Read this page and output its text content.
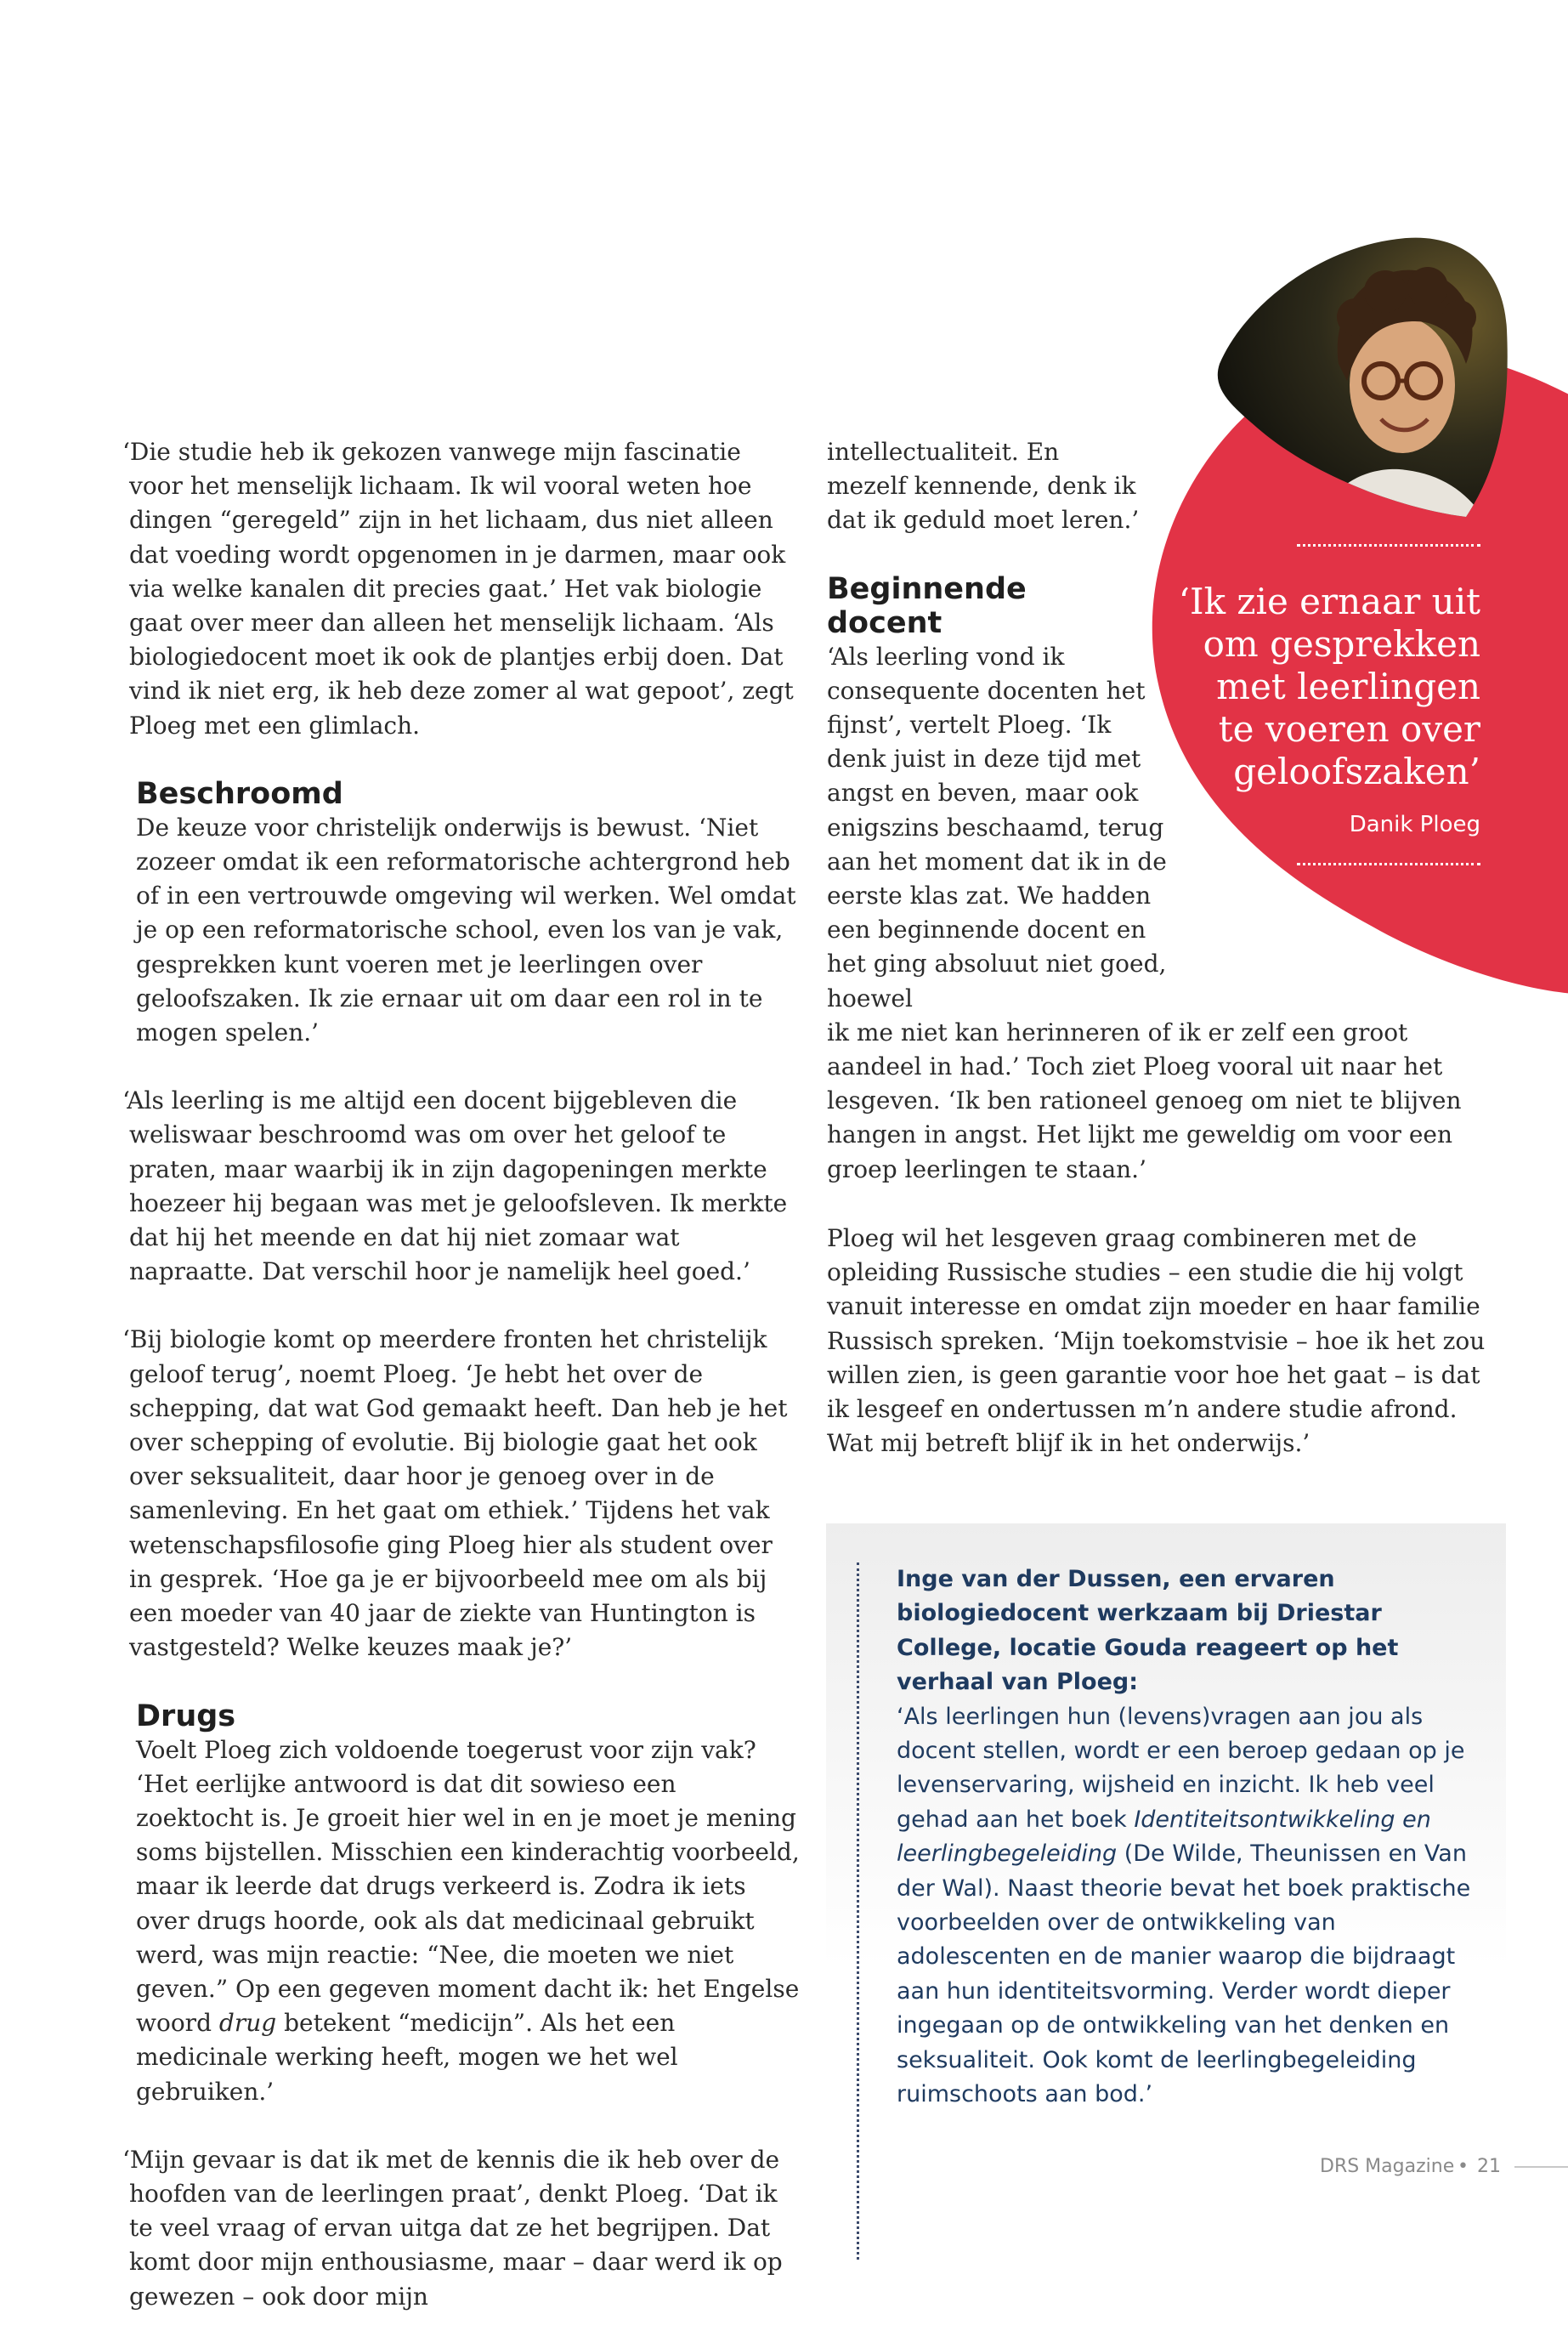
‘Ik zie ernaar uit om gesprekken met leerlingen te voeren over geloofszaken’

Danik Ploeg

‘Die studie heb ik gekozen vanwege mijn fascinatie voor het menselijk lichaam. Ik wil vooral weten hoe dingen “geregeld” zijn in het lichaam, dus niet alleen dat voeding wordt opgenomen in je darmen, maar ook via welke kanalen dit precies gaat.’ Het vak biologie gaat over meer dan alleen het menselijk lichaam. ‘Als biologiedocent moet ik ook de plantjes erbij doen. Dat vind ik niet erg, ik heb deze zomer al wat gepoot’, zegt Ploeg met een glimlach.

Beschroomd

De keuze voor christelijk onderwijs is bewust. ‘Niet zozeer omdat ik een reformatorische achtergrond heb of in een vertrouwde omgeving wil werken. Wel omdat je op een reformatorische school, even los van je vak, gesprekken kunt voeren met je leerlingen over geloofszaken. Ik zie ernaar uit om daar een rol in te mogen spelen.’

‘Als leerling is me altijd een docent bijgebleven die weliswaar beschroomd was om over het geloof te praten, maar waarbij ik in zijn dagopeningen merkte hoezeer hij begaan was met je geloofsleven. Ik merkte dat hij het meende en dat hij niet zomaar wat napraatte. Dat verschil hoor je namelijk heel goed.’

‘Bij biologie komt op meerdere fronten het christelijk geloof terug’, noemt Ploeg. ‘Je hebt het over de schepping, dat wat God gemaakt heeft. Dan heb je het over schepping of evolutie. Bij biologie gaat het ook over seksualiteit, daar hoor je genoeg over in de samenleving. En het gaat om ethiek.’ Tijdens het vak wetenschapsfilosofie ging Ploeg hier als student over in gesprek. ‘Hoe ga je er bijvoorbeeld mee om als bij een moeder van 40 jaar de ziekte van Huntington is vastgesteld? Welke keuzes maak je?’

Drugs

Voelt Ploeg zich voldoende toegerust voor zijn vak? ‘Het eerlijke antwoord is dat dit sowieso een zoektocht is. Je groeit hier wel in en je moet je mening soms bijstellen. Misschien een kinderachtig voorbeeld, maar ik leerde dat drugs verkeerd is. Zodra ik iets over drugs hoorde, ook als dat medicinaal gebruikt werd, was mijn reactie: “Nee, die moeten we niet geven.” Op een gegeven moment dacht ik: het Engelse woord drug betekent “medicijn”. Als het een medicinale werking heeft, mogen we het wel gebruiken.’

‘Mijn gevaar is dat ik met de kennis die ik heb over de hoofden van de leerlingen praat’, denkt Ploeg. ‘Dat ik te veel vraag of ervan uitga dat ze het begrijpen. Dat komt door mijn enthousiasme, maar – daar werd ik op gewezen – ook door mijn

intellectualiteit. En mezelf kennende, denk ik dat ik geduld moet leren.’

Beginnende docent

‘Als leerling vond ik consequente docenten het fijnst’, vertelt Ploeg. ‘Ik denk juist in deze tijd met angst en beven, maar ook enigszins beschaamd, terug aan het moment dat ik in de eerste klas zat. We hadden een beginnende docent en het ging absoluut niet goed, hoewel
ik me niet kan herinneren of ik er zelf een groot aandeel in had.’ Toch ziet Ploeg vooral uit naar het lesgeven. ‘Ik ben rationeel genoeg om niet te blijven hangen in angst. Het lijkt me geweldig om voor een groep leerlingen te staan.’

Ploeg wil het lesgeven graag combineren met de opleiding Russische studies – een studie die hij volgt vanuit interesse en omdat zijn moeder en haar familie Russisch spreken. ‘Mijn toekomstvisie – hoe ik het zou willen zien, is geen garantie voor hoe het gaat – is dat ik lesgeef en ondertussen m’n andere studie afrond. Wat mij betreft blijf ik in het onderwijs.’

Inge van der Dussen, een ervaren biologiedocent werkzaam bij Driestar College, locatie Gouda reageert op het verhaal van Ploeg:

‘Als leerlingen hun (levens)vragen aan jou als docent stellen, wordt er een beroep gedaan op je levenservaring, wijsheid en inzicht. Ik heb veel gehad aan het boek Identiteitsontwikkeling en leerlingbegeleiding (De Wilde, Theunissen en Van der Wal). Naast theorie bevat het boek praktische voorbeelden over de ontwikkeling van adolescenten en de manier waarop die bijdraagt aan hun identiteitsvorming. Verder wordt dieper ingegaan op de ontwikkeling van het denken en seksualiteit. Ook komt de leerlingbegeleiding ruimschoots aan bod.’

DRS Magazine • 21
